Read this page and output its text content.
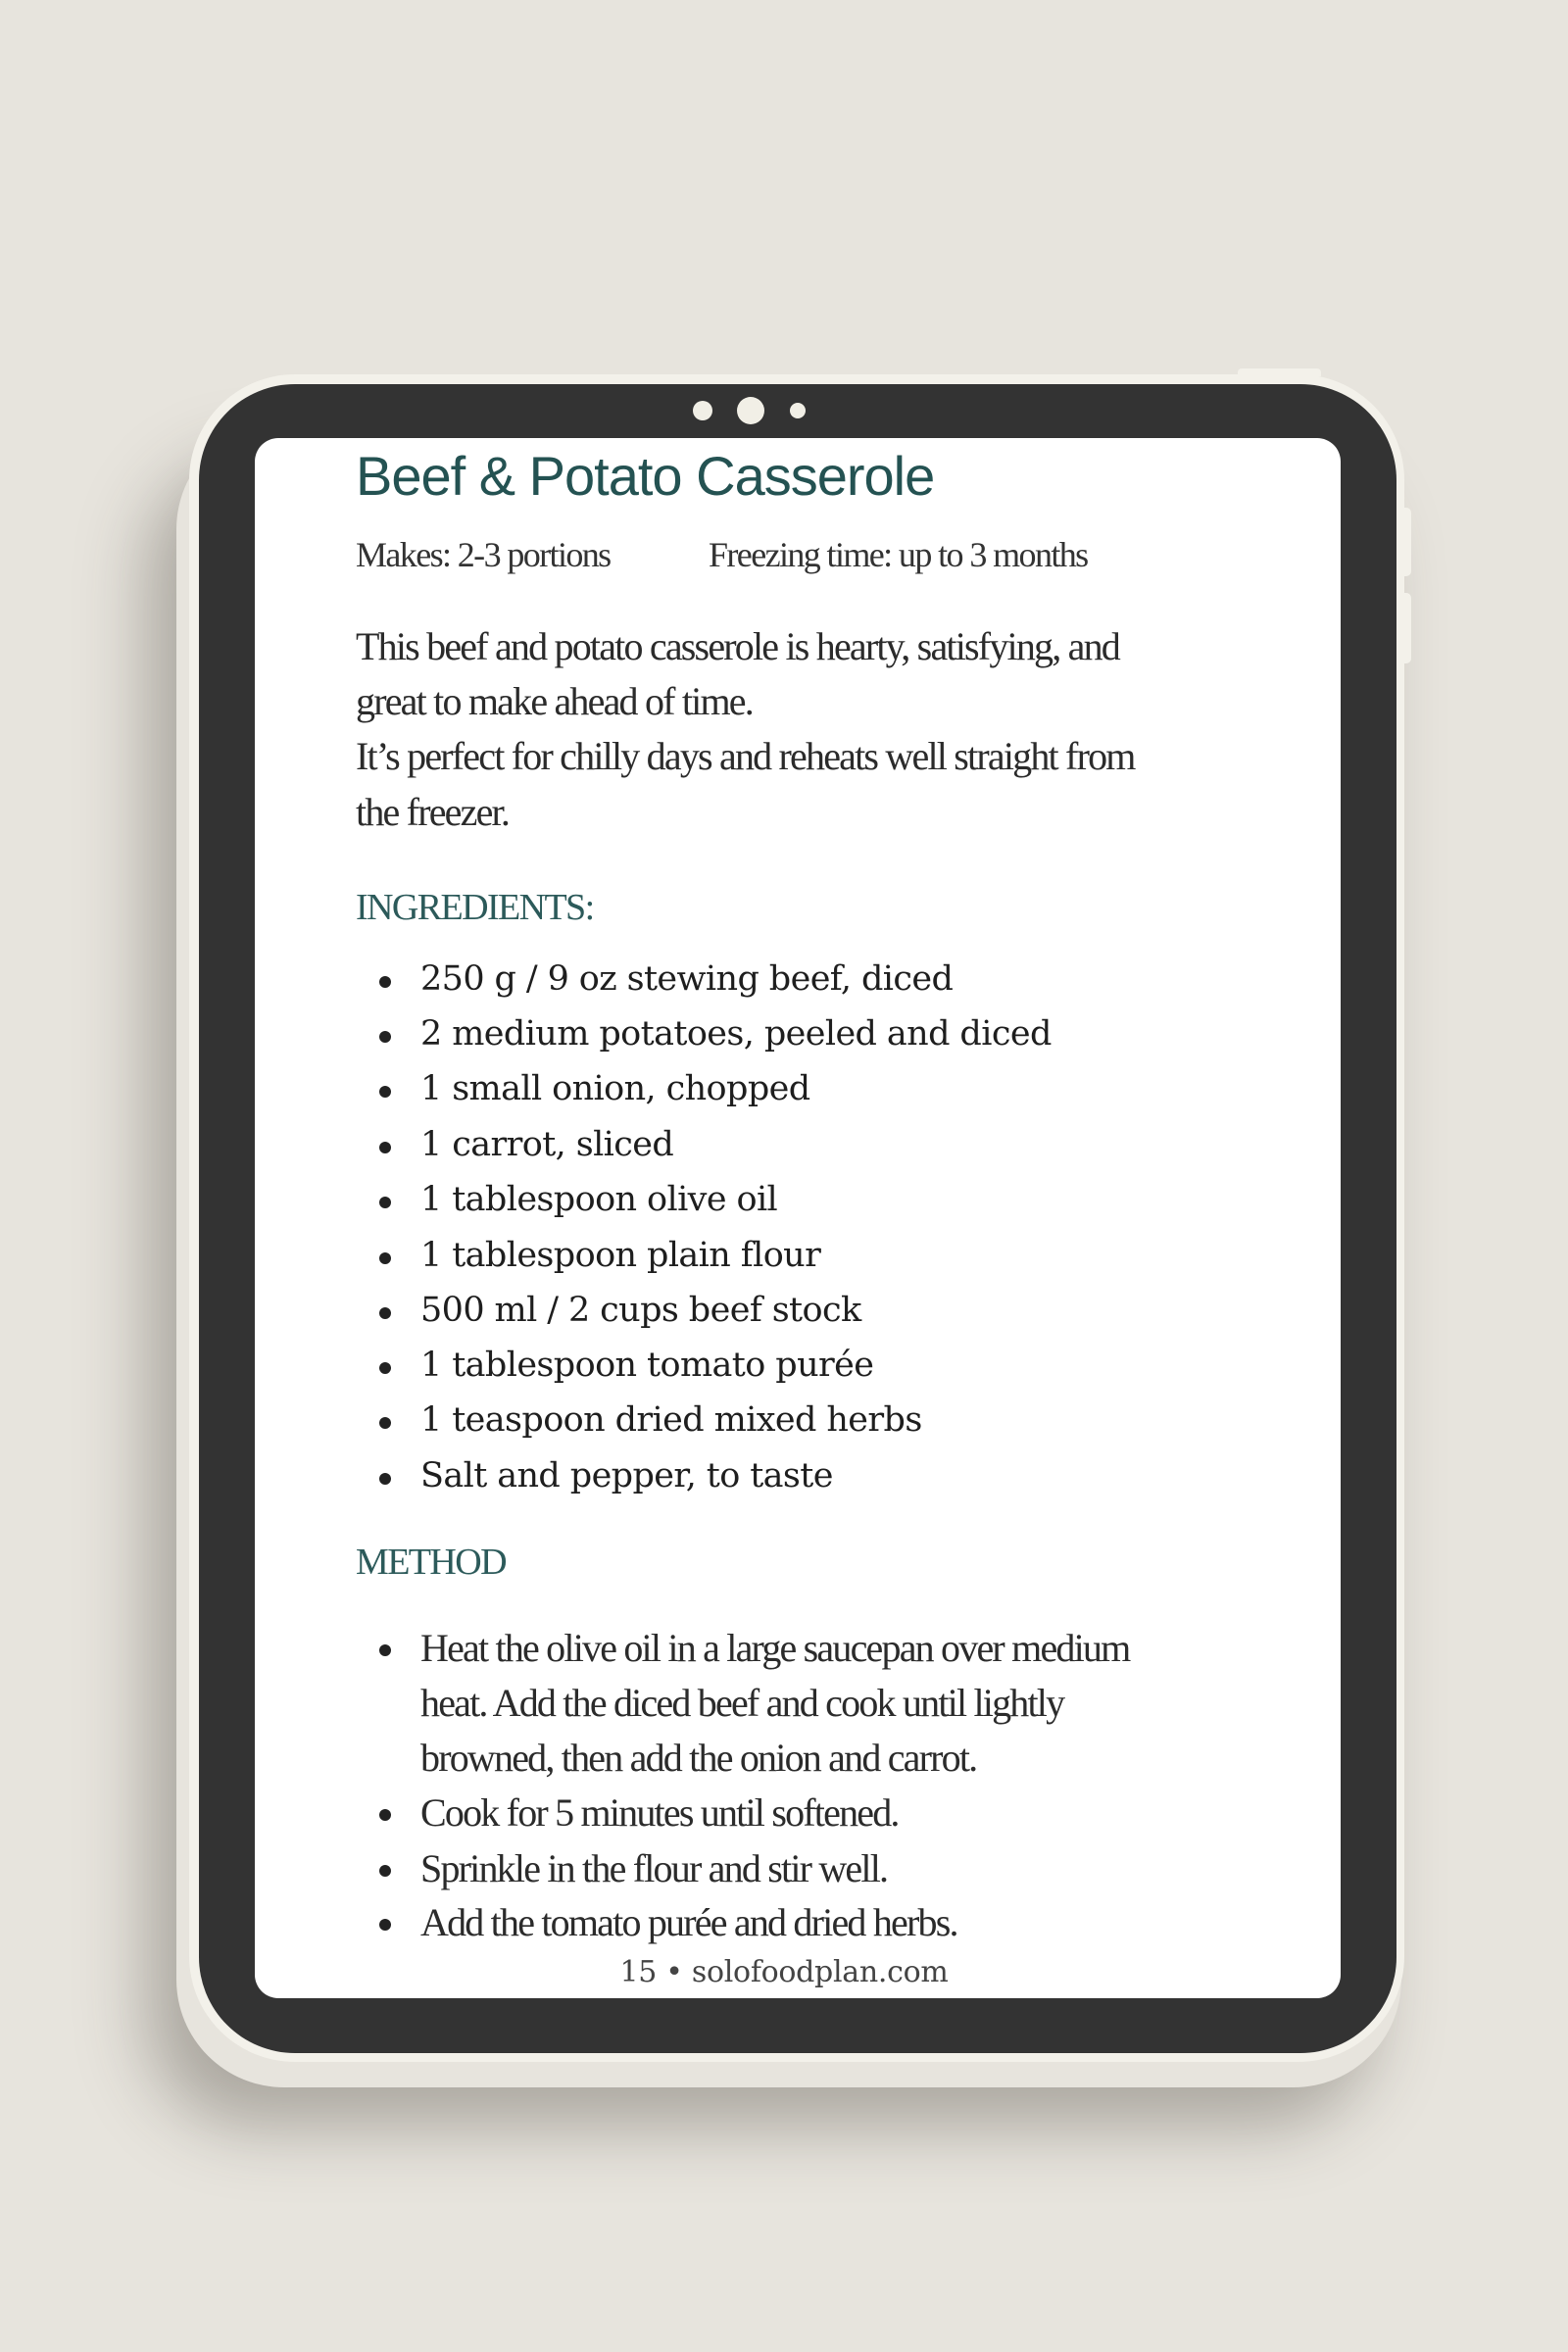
Beef & Potato Casserole
Makes: 2-3 portions	Freezing time: up to 3 months
This beef and potato casserole is hearty, satisfying, and
great to make ahead of time.
It’s perfect for chilly days and reheats well straight from
the freezer.
INGREDIENTS:
250 g / 9 oz stewing beef, diced
2 medium potatoes, peeled and diced
1 small onion, chopped
1 carrot, sliced
1 tablespoon olive oil
1 tablespoon plain flour
500 ml / 2 cups beef stock
1 tablespoon tomato purée
1 teaspoon dried mixed herbs
Salt and pepper, to taste
METHOD
Heat the olive oil in a large saucepan over medium
heat. Add the diced beef and cook until lightly
browned, then add the onion and carrot.
Cook for 5 minutes until softened.
Sprinkle in the flour and stir well.
Add the tomato purée and dried herbs.
15 • solofoodplan.com
